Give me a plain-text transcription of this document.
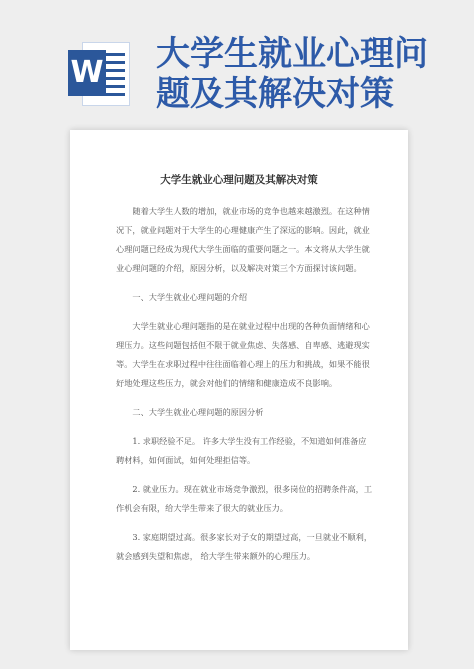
W 大学生就业心理问题及其解决对策
大学生就业心理问题及其解决对策

随着大学生人数的增加，就业市场的竞争也越来越激烈。在这种情况下，就业问题对于大学生的心理健康产生了深远的影响。因此，就业心理问题已经成为现代大学生面临的重要问题之一。本文将从大学生就业心理问题的介绍，原因分析，以及解决对策三个方面探讨该问题。

一、大学生就业心理问题的介绍

大学生就业心理问题指的是在就业过程中出现的各种负面情绪和心理压力。这些问题包括但不限于就业焦虑、失落感、自卑感、逃避现实等。大学生在求职过程中往往面临着心理上的压力和挑战，如果不能很好地处理这些压力，就会对他们的情绪和健康造成不良影响。

二、大学生就业心理问题的原因分析

1. 求职经验不足。 许多大学生没有工作经验，不知道如何准备应聘材料，如何面试，如何处理拒信等。

2. 就业压力。现在就业市场竞争激烈，很多岗位的招聘条件高，工作机会有限，给大学生带来了很大的就业压力。

3. 家庭期望过高。很多家长对子女的期望过高，一旦就业不顺利，就会感到失望和焦虑， 给大学生带来额外的心理压力。
